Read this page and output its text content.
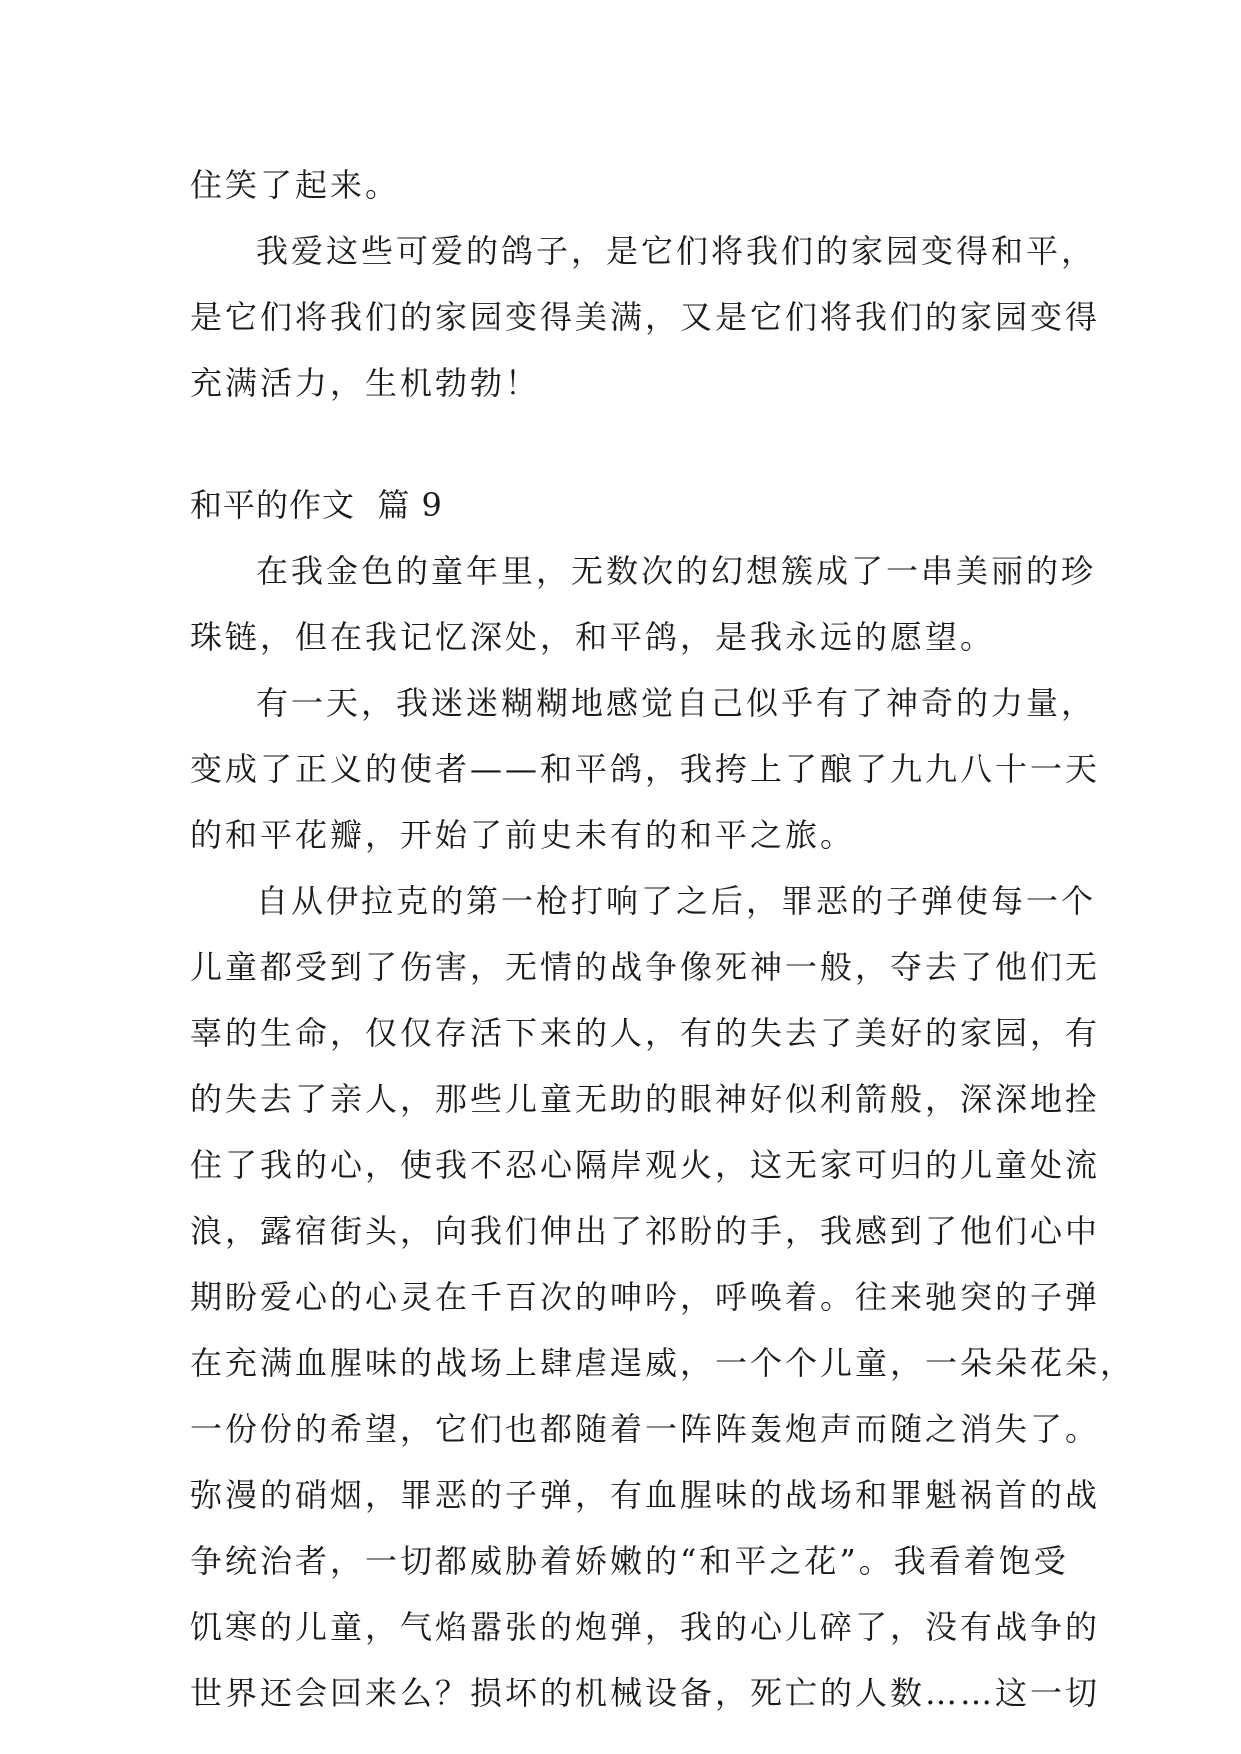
住笑了起来。
我爱这些可爱的鸽子，是它们将我们的家园变得和平，
是它们将我们的家园变得美满，又是它们将我们的家园变得
充满活力，生机勃勃！
和平的作文  篇 9
在我金色的童年里，无数次的幻想簇成了一串美丽的珍
珠链，但在我记忆深处，和平鸽，是我永远的愿望。
有一天，我迷迷糊糊地感觉自己似乎有了神奇的力量，
变成了正义的使者——和平鸽，我挎上了酿了九九八十一天
的和平花瓣，开始了前史未有的和平之旅。
自从伊拉克的第一枪打响了之后，罪恶的子弹使每一个
儿童都受到了伤害，无情的战争像死神一般，夺去了他们无
辜的生命，仅仅存活下来的人，有的失去了美好的家园，有
的失去了亲人，那些儿童无助的眼神好似利箭般，深深地拴
住了我的心，使我不忍心隔岸观火，这无家可归的儿童处流
浪，露宿街头，向我们伸出了祁盼的手，我感到了他们心中
期盼爱心的心灵在千百次的呻吟，呼唤着。往来驰突的子弹
在充满血腥味的战场上肆虐逞威，一个个儿童，一朵朵花朵，
一份份的希望，它们也都随着一阵阵轰炮声而随之消失了。
弥漫的硝烟，罪恶的子弹，有血腥味的战场和罪魁祸首的战
争统治者，一切都威胁着娇嫩的“和平之花”。我看着饱受
饥寒的儿童，气焰嚣张的炮弹，我的心儿碎了，没有战争的
世界还会回来么？损坏的机械设备，死亡的人数……这一切
